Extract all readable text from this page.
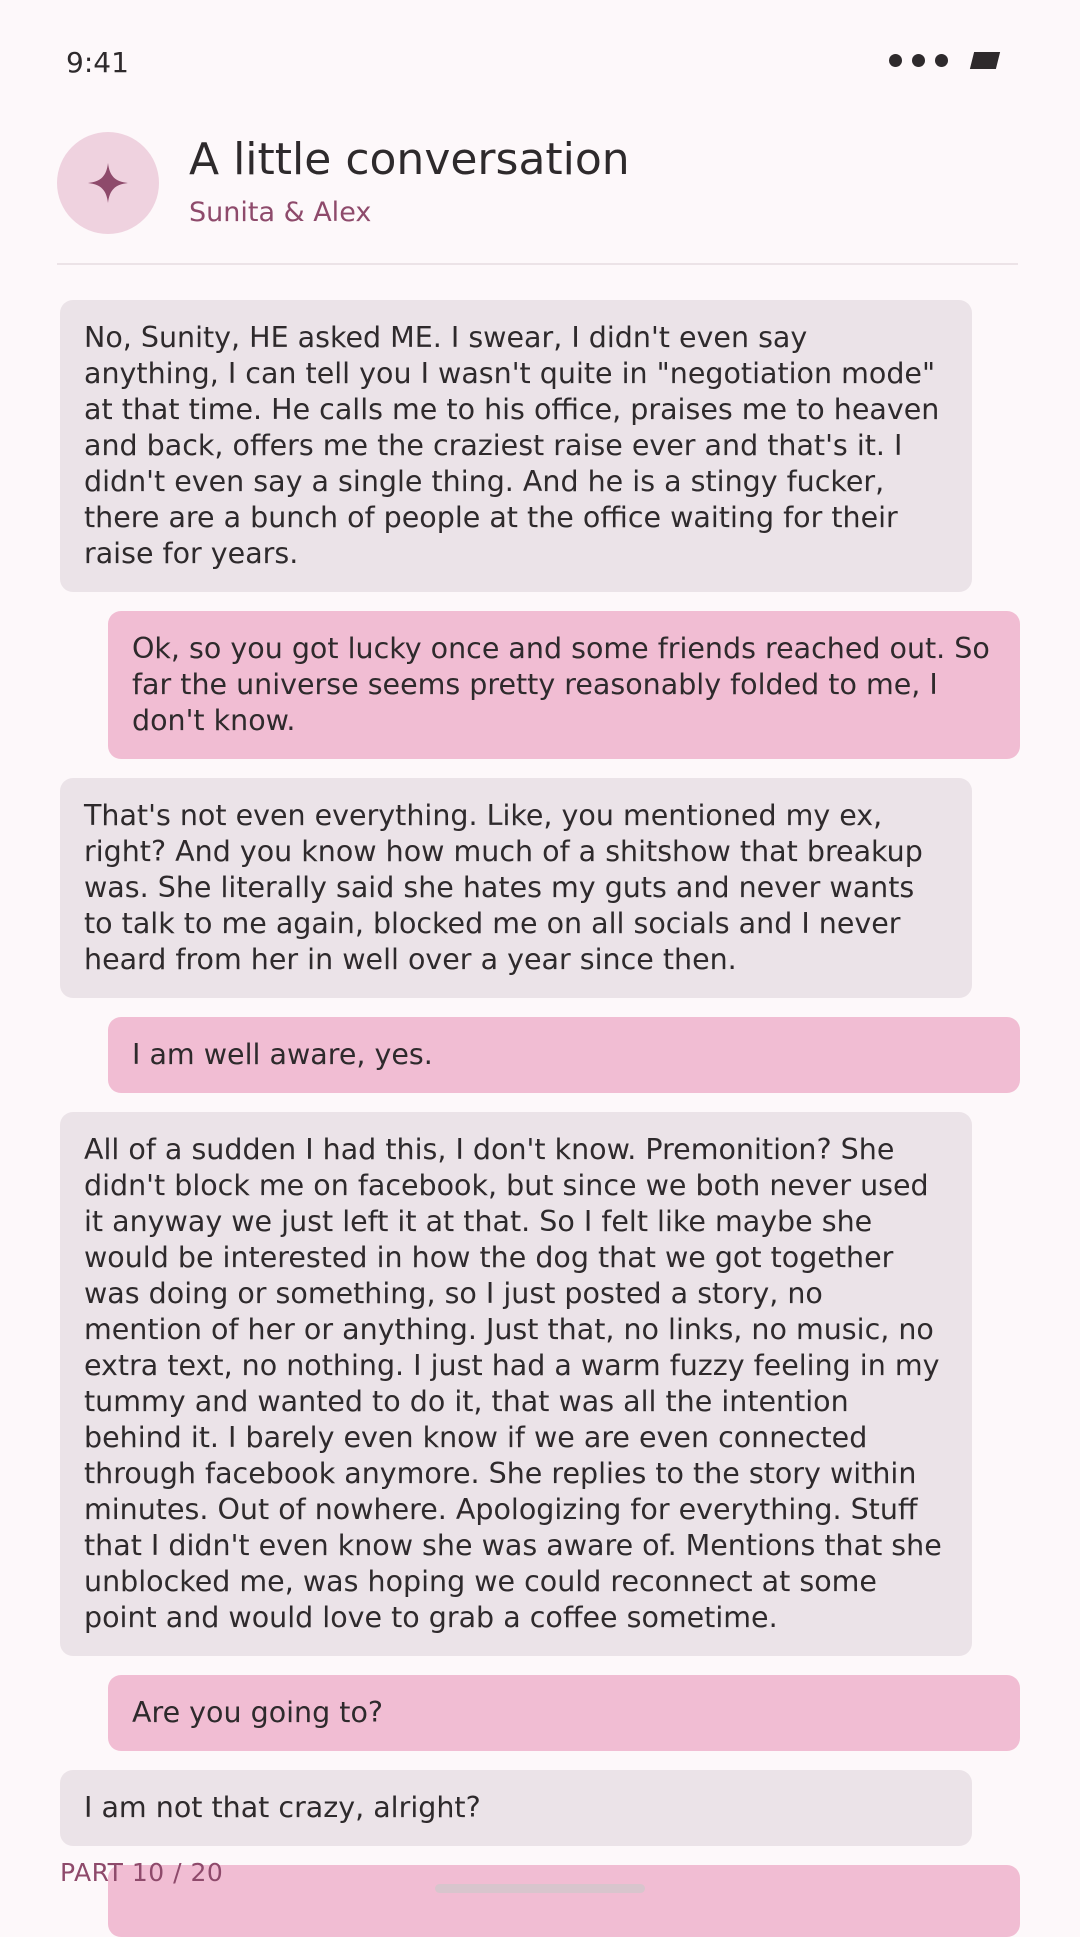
9:41
A little conversation
Sunita & Alex
No, Sunity, HE asked ME. I swear, I didn't even say anything, I can tell you I wasn't quite in "negotiation mode" at that time. He calls me to his office, praises me to heaven and back, offers me the craziest raise ever and that's it. I didn't even say a single thing. And he is a stingy fucker, there are a bunch of people at the office waiting for their raise for years.
Ok, so you got lucky once and some friends reached out. So far the universe seems pretty reasonably folded to me, I don't know.
That's not even everything. Like, you mentioned my ex, right? And you know how much of a shitshow that breakup was. She literally said she hates my guts and never wants to talk to me again, blocked me on all socials and I never heard from her in well over a year since then.
I am well aware, yes.
All of a sudden I had this, I don't know. Premonition? She didn't block me on facebook, but since we both never used it anyway we just left it at that. So I felt like maybe she would be interested in how the dog that we got together was doing or something, so I just posted a story, no mention of her or anything. Just that, no links, no music, no extra text, no nothing. I just had a warm fuzzy feeling in my tummy and wanted to do it, that was all the intention behind it. I barely even know if we are even connected through facebook anymore. She replies to the story within minutes. Out of nowhere. Apologizing for everything. Stuff that I didn't even know she was aware of. Mentions that she unblocked me, was hoping we could reconnect at some point and would love to grab a coffee sometime.
Are you going to?
I am not that crazy, alright?
PART 10 / 20
